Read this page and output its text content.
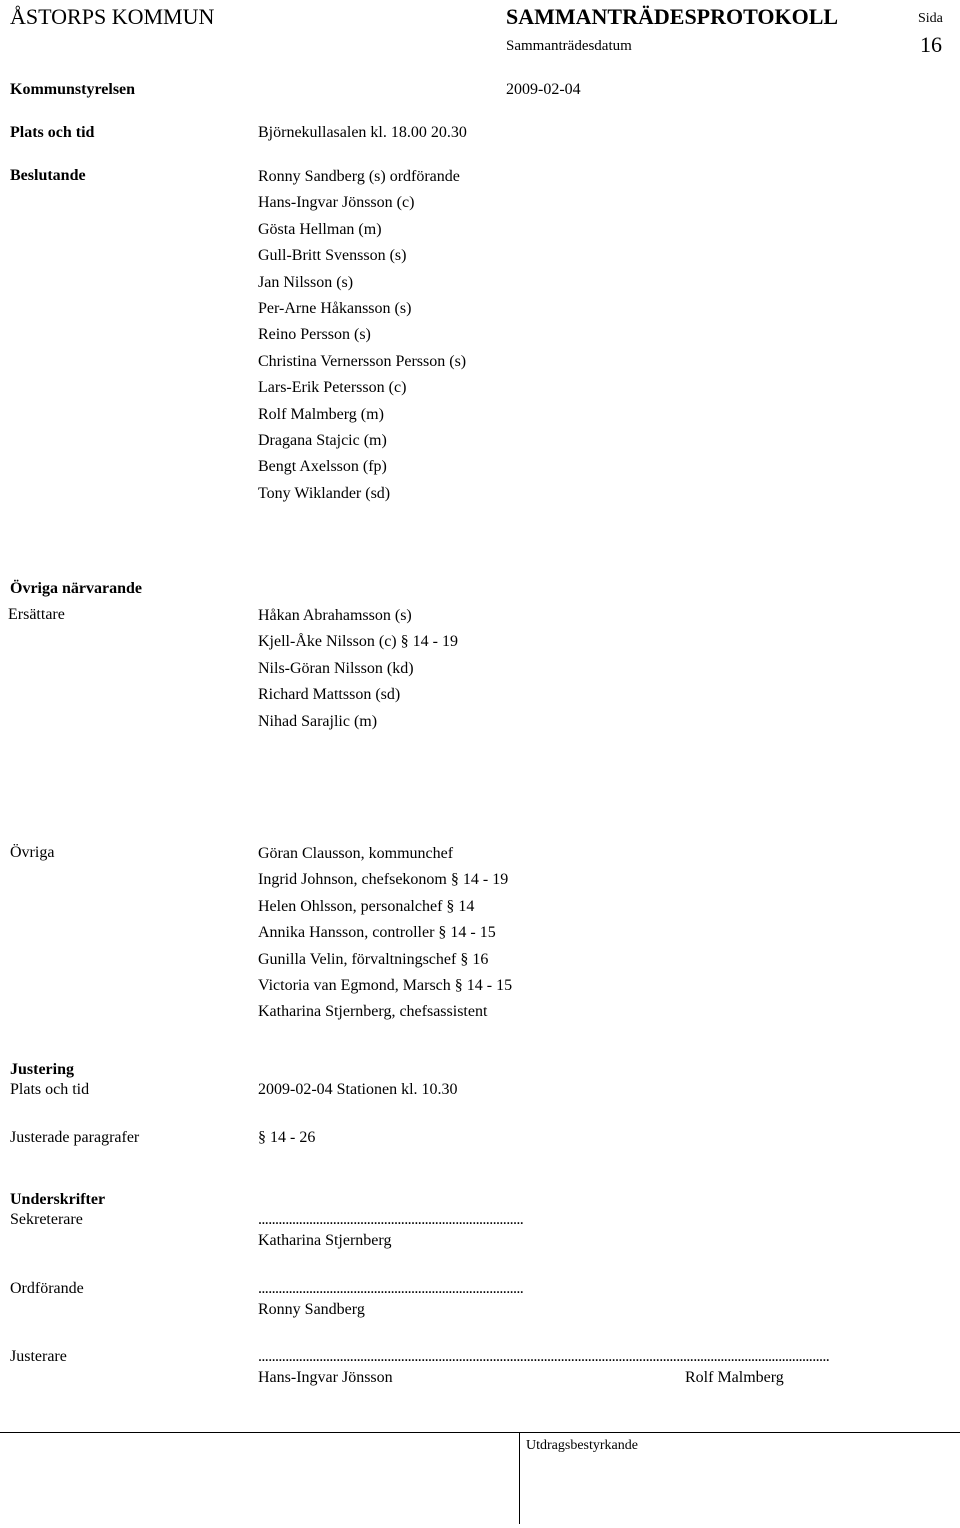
ÅSTORPS KOMMUN	SAMMANTRÄDESPROTOKOLL	Sida
16
Sammanträdesdatum
Kommunstyrelsen	2009-02-04
Plats och tid	Björnekullasalen kl. 18.00 20.30
Beslutande	Ronny Sandberg (s) ordförande
Hans-Ingvar Jönsson (c)
Gösta Hellman (m)
Gull-Britt Svensson (s)
Jan Nilsson (s)
Per-Arne Håkansson (s)
Reino Persson (s)
Christina Vernersson Persson (s)
Lars-Erik Petersson (c)
Rolf Malmberg (m)
Dragana Stajcic (m)
Bengt Axelsson (fp)
Tony Wiklander (sd)
Övriga närvarande
Ersättare	Håkan Abrahamsson (s)
Kjell-Åke Nilsson (c) § 14 - 19
Nils-Göran Nilsson (kd)
Richard Mattsson (sd)
Nihad Sarajlic (m)
Övriga	Göran Clausson, kommunchef
Ingrid Johnson, chefsekonom § 14 - 19
Helen Ohlsson, personalchef § 14
Annika Hansson, controller § 14 - 15
Gunilla Velin, förvaltningschef § 16
Victoria van Egmond, Marsch § 14 - 15
Katharina Stjernberg, chefsassistent
Justering
Plats och tid	2009-02-04 Stationen kl. 10.30
Justerade paragrafer	§ 14 - 26
Underskrifter
Sekreterare	..............................................................................
Katharina Stjernberg
Ordförande	..............................................................................
Ronny Sandberg
Justerare	........................................................................................................................................................................
Hans-Ingvar Jönsson	Rolf Malmberg
Utdragsbestyrkande
